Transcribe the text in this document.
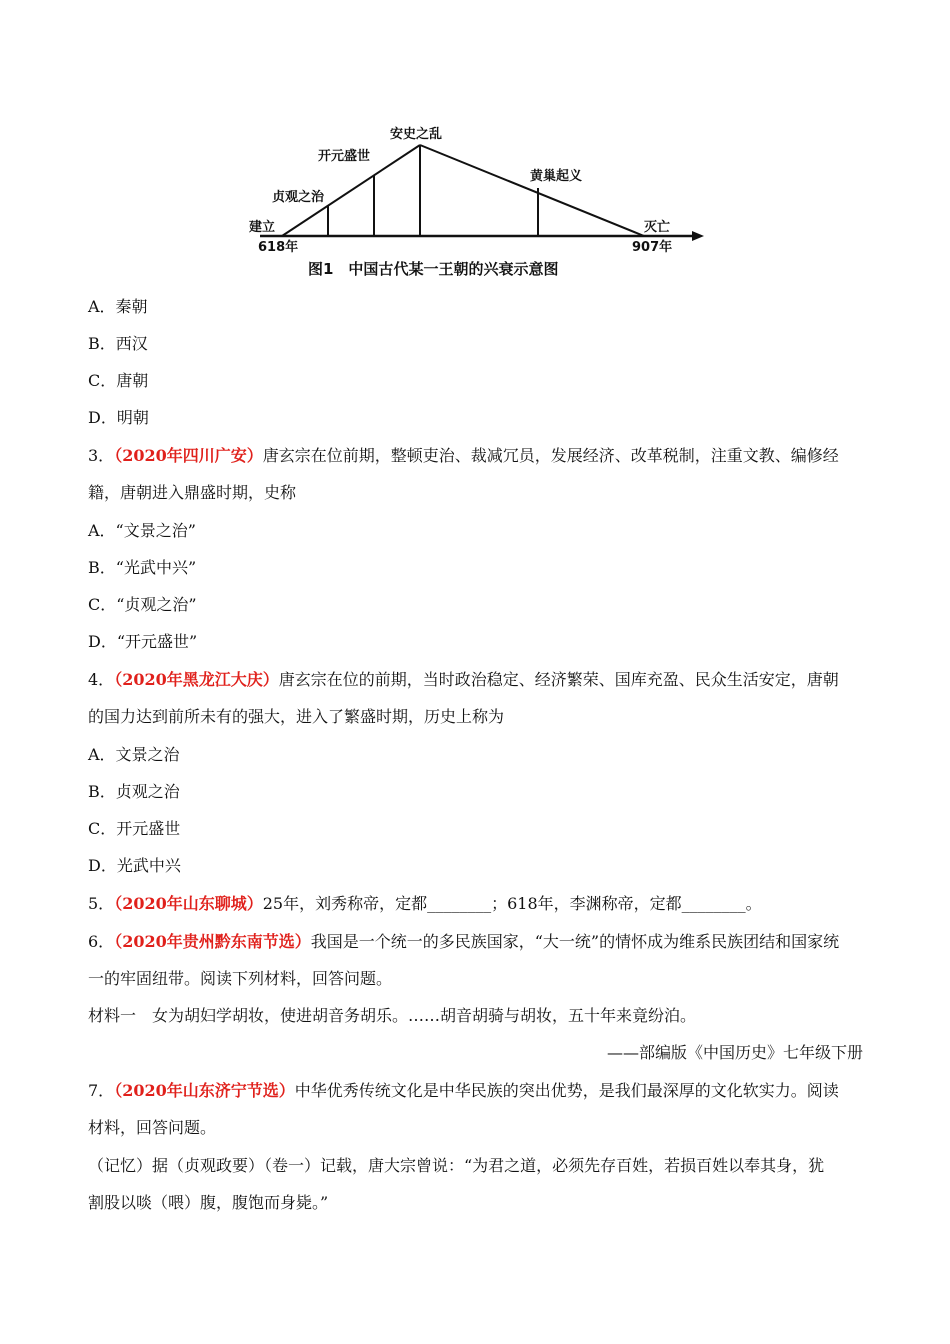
建立
贞观之治
开元盛世
安史之乱
黄巢起义
灭亡
618年	907年
图1　中国古代某一王朝的兴衰示意图
A．秦朝
B．西汉
C．唐朝
D．明朝
3．（2020年四川广安）唐玄宗在位前期，整顿吏治、裁减冗员，发展经济、改革税制，注重文教、编修经
籍，唐朝进入鼎盛时期，史称
A．“文景之治”
B．“光武中兴”
C．“贞观之治”
D．“开元盛世”
4．（2020年黑龙江大庆）唐玄宗在位的前期，当时政治稳定、经济繁荣、国库充盈、民众生活安定，唐朝
的国力达到前所未有的强大，进入了繁盛时期，历史上称为
A．文景之治
B．贞观之治
C．开元盛世
D．光武中兴
5．（2020年山东聊城）25年，刘秀称帝，定都________；618年，李渊称帝，定都________。
6．（2020年贵州黔东南节选）我国是一个统一的多民族国家，“大一统”的情怀成为维系民族团结和国家统
一的牢固纽带。阅读下列材料，回答问题。
材料一　女为胡妇学胡妆，使进胡音务胡乐。……胡音胡骑与胡妆，五十年来竟纷泊。
——部编版《中国历史》七年级下册
7．（2020年山东济宁节选）中华优秀传统文化是中华民族的突出优势，是我们最深厚的文化软实力。阅读
材料，回答问题。
（记忆）据（贞观政要）（卷一）记载，唐大宗曾说：“为君之道，必须先存百姓，若损百姓以奉其身，犹
割股以啖（喂）腹，腹饱而身毙。”
